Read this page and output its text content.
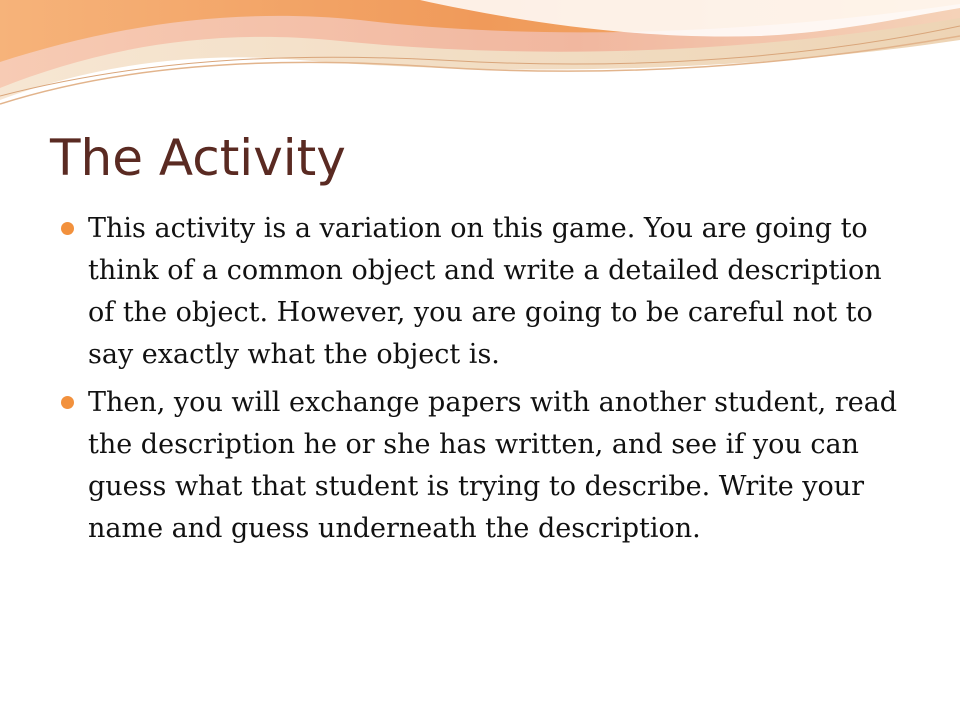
The Activity
This activity is a variation on this game. You are going to think of a common object and write a detailed description of the object. However, you are going to be careful not to say exactly what the object is.
Then, you will exchange papers with another student, read the description he or she has written, and see if you can guess what that student is trying to describe. Write your name and guess underneath the description.
